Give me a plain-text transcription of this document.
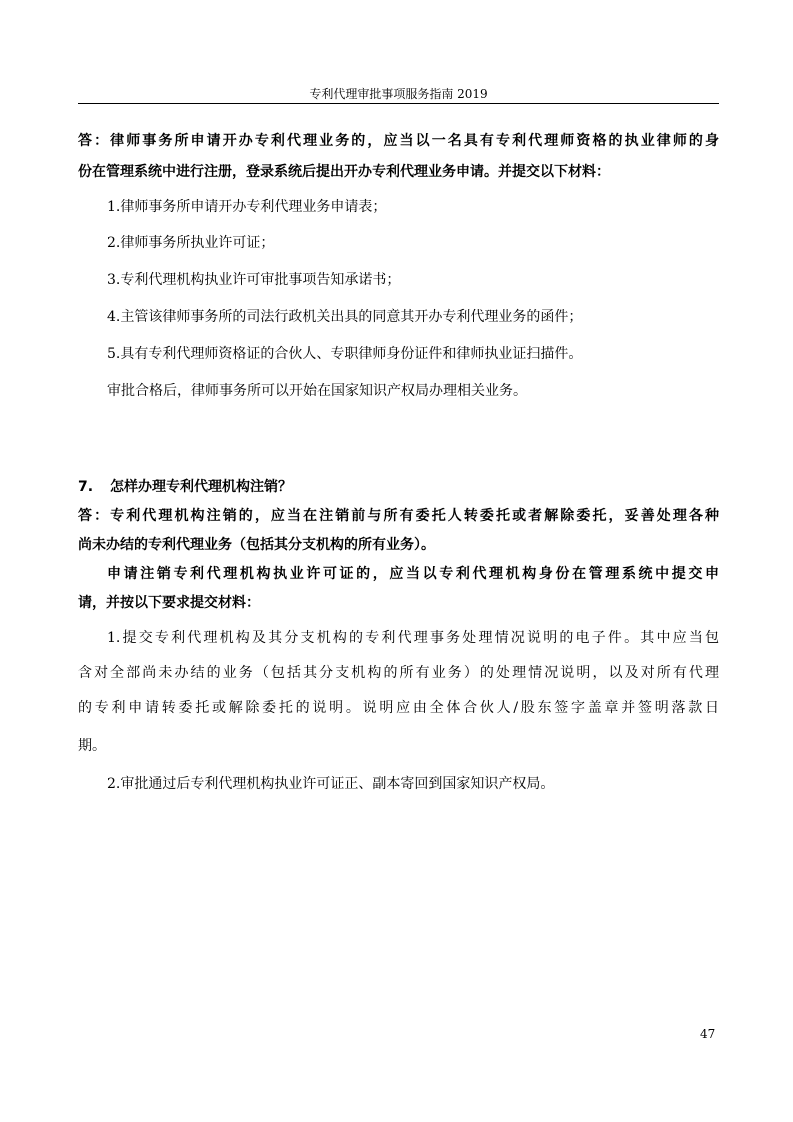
专利代理审批事项服务指南 2019
答：律师事务所申请开办专利代理业务的，应当以一名具有专利代理师资格的执业律师的身
份在管理系统中进行注册，登录系统后提出开办专利代理业务申请。并提交以下材料：
1.律师事务所申请开办专利代理业务申请表；
2.律师事务所执业许可证；
3.专利代理机构执业许可审批事项告知承诺书；
4.主管该律师事务所的司法行政机关出具的同意其开办专利代理业务的函件；
5.具有专利代理师资格证的合伙人、专职律师身份证件和律师执业证扫描件。
审批合格后，律师事务所可以开始在国家知识产权局办理相关业务。
7. 怎样办理专利代理机构注销？
答：专利代理机构注销的，应当在注销前与所有委托人转委托或者解除委托，妥善处理各种
尚未办结的专利代理业务（包括其分支机构的所有业务）。
申请注销专利代理机构执业许可证的，应当以专利代理机构身份在管理系统中提交申
请，并按以下要求提交材料：
1.提交专利代理机构及其分支机构的专利代理事务处理情况说明的电子件。其中应当包
含对全部尚未办结的业务（包括其分支机构的所有业务）的处理情况说明，以及对所有代理
的专利申请转委托或解除委托的说明。说明应由全体合伙人/股东签字盖章并签明落款日
期。
2.审批通过后专利代理机构执业许可证正、副本寄回到国家知识产权局。
47
